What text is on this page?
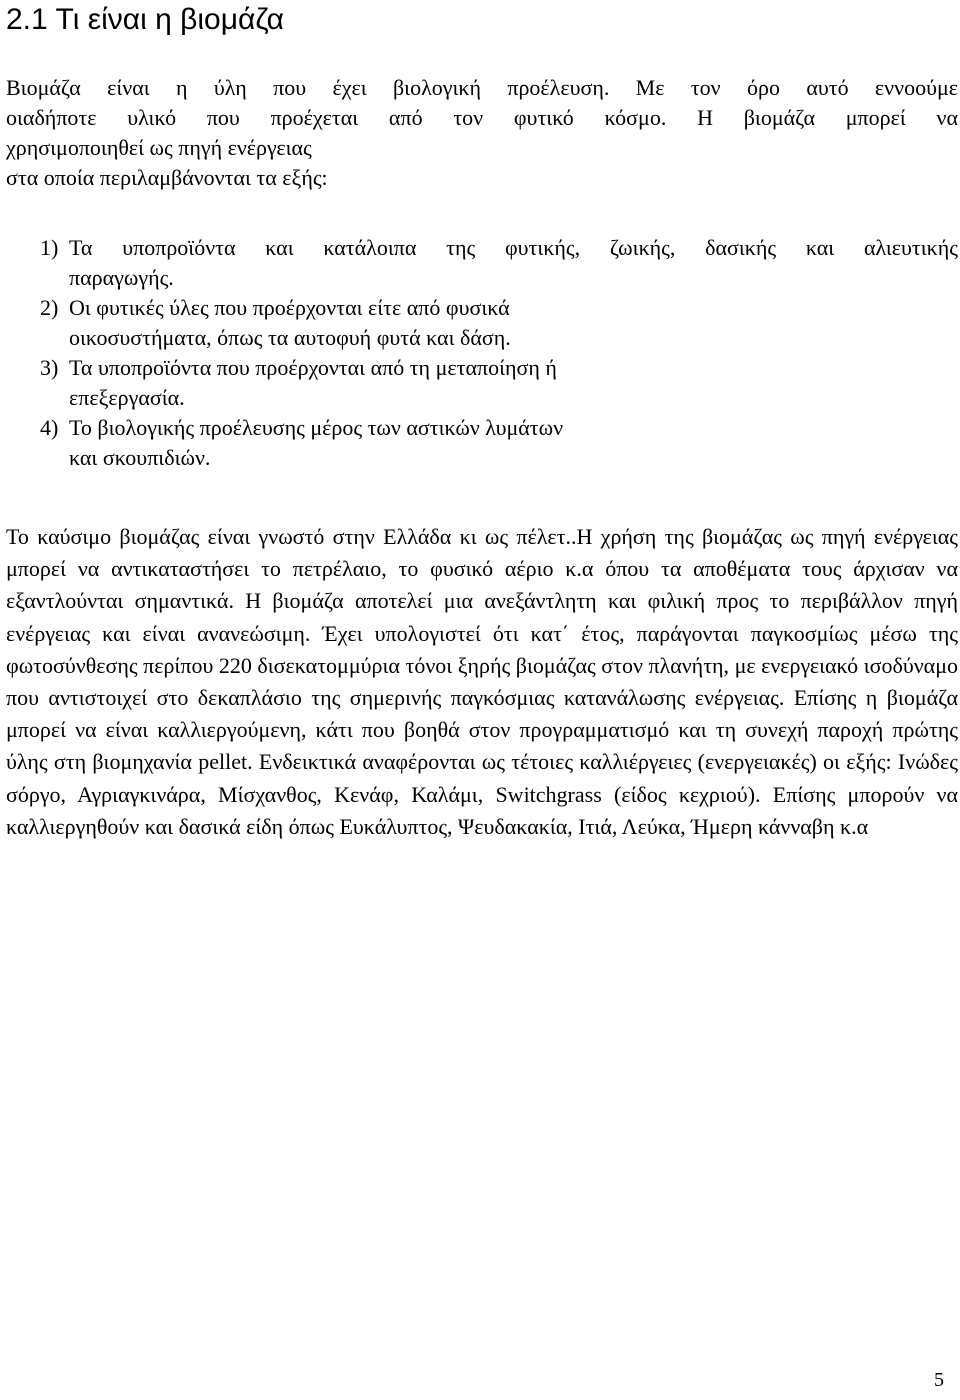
2.1 Τι είναι η βιομάζα
Βιομάζα είναι η ύλη που έχει βιολογική προέλευση. Με τον όρο αυτό εννοούμε
οιαδήποτε υλικό που προέχεται από τον φυτικό κόσμο. Η βιομάζα μπορεί να
χρησιμοποιηθεί ως πηγή ενέργειας
στα οποία περιλαμβάνονται τα εξής:
1) Τα υποπροϊόντα και κατάλοιπα της φυτικής, ζωικής, δασικής και αλιευτικής
παραγωγής.
2) Οι φυτικές ύλες που προέρχονται είτε από φυσικά
οικοσυστήματα, όπως τα αυτοφυή φυτά και δάση.
3) Τα υποπροϊόντα που προέρχονται από τη μεταποίηση ή
επεξεργασία.
4) Το βιολογικής προέλευσης μέρος των αστικών λυμάτων
και σκουπιδιών.

Το καύσιμο βιομάζας είναι γνωστό στην Ελλάδα κι ως πέλετ..Η χρήση της βιομάζας ως πηγή ενέργειας μπορεί να αντικαταστήσει το πετρέλαιο, το φυσικό αέριο κ.α όπου τα αποθέματα τους άρχισαν να εξαντλούνται σημαντικά. Η βιομάζα αποτελεί μια ανεξάντλητη και φιλική προς το περιβάλλον πηγή ενέργειας και είναι ανανεώσιμη. Έχει υπολογιστεί ότι κατ΄ έτος, παράγονται παγκοσμίως μέσω της φωτοσύνθεσης περίπου 220 δισεκατομμύρια τόνοι ξηρής βιομάζας στον πλανήτη, με ενεργειακό ισοδύναμο που αντιστοιχεί στο δεκαπλάσιο της σημερινής παγκόσμιας κατανάλωσης ενέργειας. Επίσης η βιομάζα μπορεί να είναι καλλιεργούμενη, κάτι που βοηθά στον προγραμματισμό και τη συνεχή παροχή πρώτης ύλης στη βιομηχανία pellet. Ενδεικτικά αναφέρονται ως τέτοιες καλλιέργειες (ενεργειακές) οι εξής: Ινώδες σόργο, Αγριαγκινάρα, Μίσχανθος, Κενάφ, Καλάμι, Switchgrass (είδος κεχριού). Επίσης μπορούν να καλλιεργηθούν και δασικά είδη όπως Ευκάλυπτος, Ψευδακακία, Ιτιά, Λεύκα, Ήμερη κάνναβη κ.α

5
